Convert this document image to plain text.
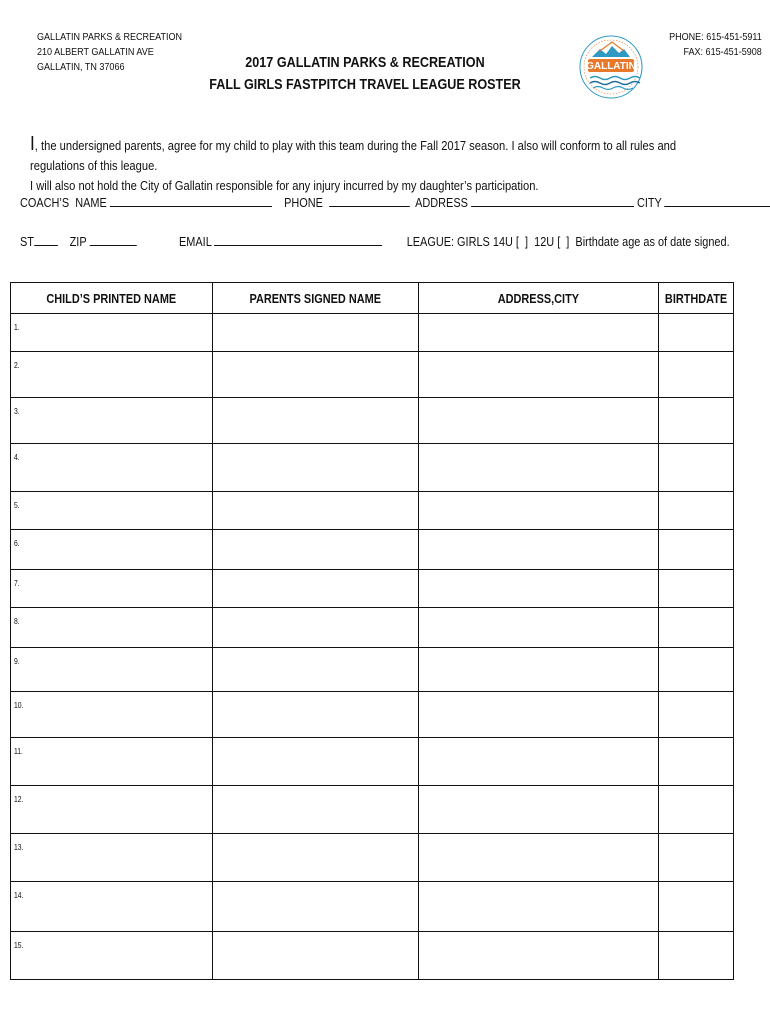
GALLATIN PARKS & RECREATION
210 ALBERT GALLATIN AVE
GALLATIN, TN 37066	2017 GALLATIN PARKS & RECREATION
FALL GIRLS FASTPITCH TRAVEL LEAGUE ROSTER
GALLATIN
PHONE: 615-451-5911
FAX: 615-451-5908
I, the undersigned parents, agree for my child to play with this team during the Fall 2017 season. I also will conform to all rules and regulations of this league.
I will also not hold the City of Gallatin responsible for any injury incurred by my daughter’s participation.
COACH’S  NAME	PHONE	ADDRESS	CITY
ST	ZIP	EMAIL	LEAGUE: GIRLS 14U [  ]  12U [  ]  Birthdate age as of date signed.
CHILD’S PRINTED NAME	PARENTS SIGNED NAME	ADDRESS,CITY	BIRTHDATE
1.			
2.			
3.			
4.			
5.			
6.			
7.			
8.			
9.			
10.			
11.			
12.			
13.			
14.			
15.			
